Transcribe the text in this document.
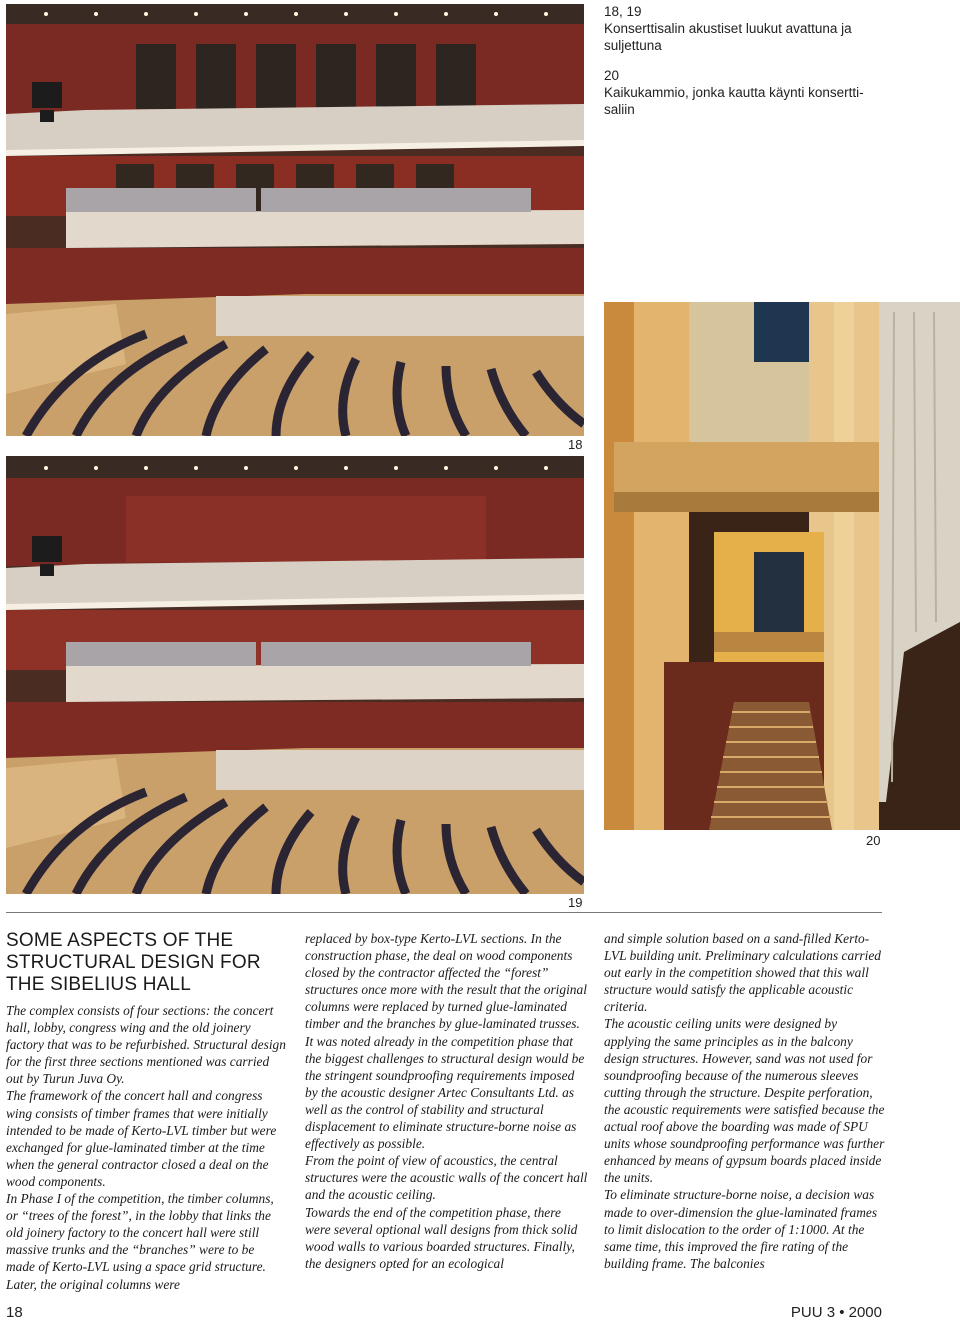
18
19
20
18, 19
Konserttisalin akustiset luukut avattuna ja suljettuna
20
Kaikukammio, jonka kautta käynti konsertti-saliin
SOME ASPECTS OF THE STRUCTURAL DESIGN FOR THE SIBELIUS HALL

The complex consists of four sections: the concert hall, lobby, congress wing and the old joinery factory that was to be refurbished. Structural design for the first three sections mentioned was carried out by Turun Juva Oy.

The framework of the concert hall and congress wing consists of timber frames that were initially intended to be made of Kerto-LVL timber but were exchanged for glue-laminated timber at the time when the general contractor closed a deal on the wood components.

In Phase I of the competition, the timber columns, or “trees of the forest”, in the lobby that links the old joinery factory to the concert hall were still massive trunks and the “branches” were to be made of Kerto-LVL using a space grid structure. Later, the original columns were

replaced by box-type Kerto-LVL sections. In the construction phase, the deal on wood components closed by the contractor affected the “forest” structures once more with the result that the original columns were replaced by turned glue-laminated timber and the branches by glue-laminated trusses.

It was noted already in the competition phase that the biggest challenges to structural design would be the stringent soundproofing requirements imposed by the acoustic designer Artec Consultants Ltd. as well as the control of stability and structural displacement to eliminate structure-borne noise as effectively as possible.

From the point of view of acoustics, the central structures were the acoustic walls of the concert hall and the acoustic ceiling.

Towards the end of the competition phase, there were several optional wall designs from thick solid wood walls to various boarded structures. Finally, the designers opted for an ecological

and simple solution based on a sand-filled Kerto-LVL building unit. Preliminary calculations carried out early in the competition showed that this wall structure would satisfy the applicable acoustic criteria.

The acoustic ceiling units were designed by applying the same principles as in the balcony design structures. However, sand was not used for soundproofing because of the numerous sleeves cutting through the structure. Despite perforation, the acoustic requirements were satisfied because the actual roof above the boarding was made of SPU units whose soundproofing performance was further enhanced by means of gypsum boards placed inside the units.

To eliminate structure-borne noise, a decision was made to over-dimension the glue-laminated frames to limit dislocation to the order of 1:1000. At the same time, this improved the fire rating of the building frame. The balconies

18	PUU 3 • 2000
